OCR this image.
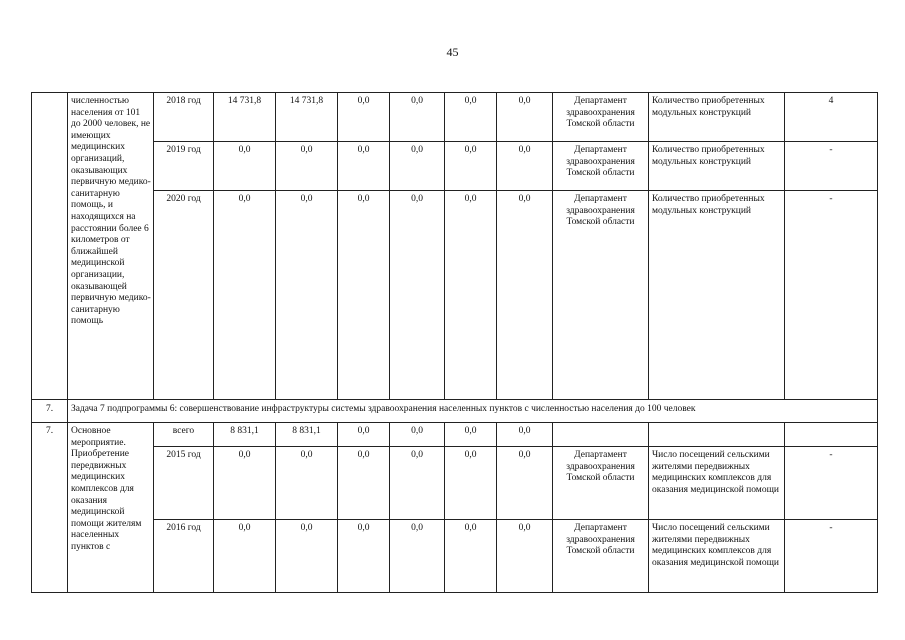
45
	численностью населения от 101 до 2000 человек, не имеющих медицинских организаций, оказывающих первичную медико-санитарную помощь, и находящихся на расстоянии более 6 километров от ближайшей медицинской организации, оказывающей первичную медико-санитарную помощь	2018 год	14 731,8	14 731,8	0,0	0,0	0,0	0,0	Департамент здравоохранения Томской области	Количество приобретенных модульных конструкций	4
		2019 год	0,0	0,0	0,0	0,0	0,0	0,0	Департамент здравоохранения Томской области	Количество приобретенных модульных конструкций	-
		2020 год	0,0	0,0	0,0	0,0	0,0	0,0	Департамент здравоохранения Томской области	Количество приобретенных модульных конструкций	-
7.	Задача 7 подпрограммы 6: совершенствование инфраструктуры системы здравоохранения населенных пунктов с численностью населения до 100 человек										
7.	Основное мероприятие. Приобретение передвижных медицинских комплексов для оказания медицинской помощи жителям населенных пунктов с	всего	8 831,1	8 831,1	0,0	0,0	0,0	0,0			
		2015 год	0,0	0,0	0,0	0,0	0,0	0,0	Департамент здравоохранения Томской области	Число посещений сельскими жителями передвижных медицинских комплексов для оказания медицинской помощи	-
		2016 год	0,0	0,0	0,0	0,0	0,0	0,0	Департамент здравоохранения Томской области	Число посещений сельскими жителями передвижных медицинских комплексов для оказания медицинской помощи	-
